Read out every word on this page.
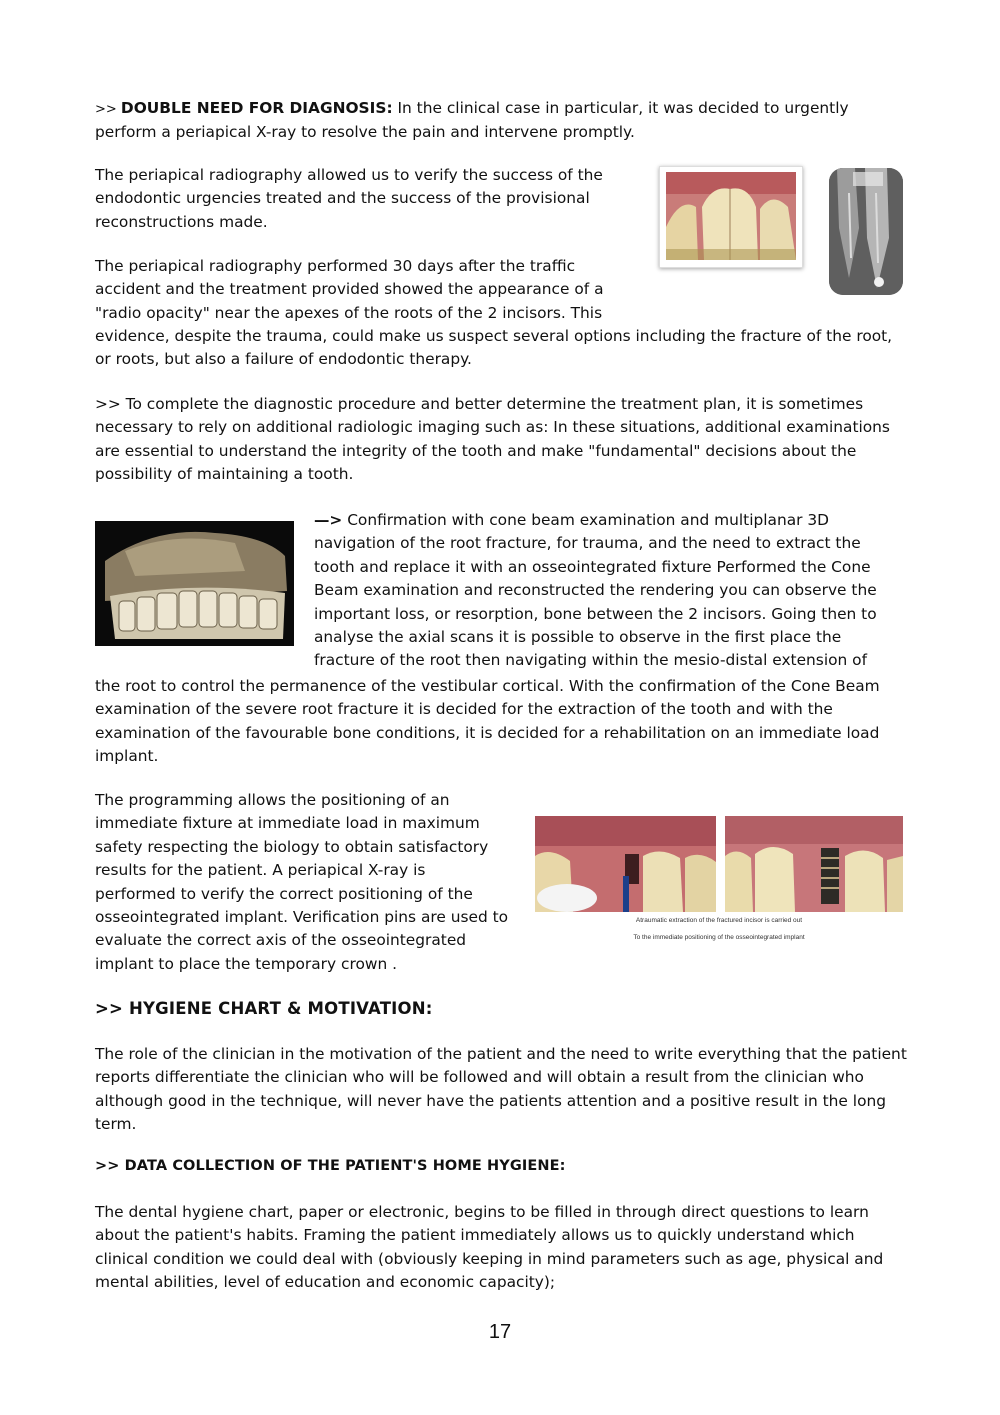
>> DOUBLE NEED FOR DIAGNOSIS: In the clinical case in particular, it was decided to urgently perform a periapical X-ray to resolve the pain and intervene promptly.

The periapical radiography allowed us to verify the success of the endodontic urgencies treated and the success of the provisional reconstructions made.

The periapical radiography performed 30 days after the traffic accident and the treatment provided showed the appearance of a "radio opacity" near the apexes of the roots of the 2 incisors. This

evidence, despite the trauma, could make us suspect several options including the fracture of the root, or roots, but also a failure of endodontic therapy.

>> To complete the diagnostic procedure and better determine the treatment plan, it is sometimes necessary to rely on additional radiologic imaging such as: In these situations, additional examinations are essential to understand the integrity of the tooth and make "fundamental" decisions about the possibility of maintaining a tooth.

—> Confirmation with cone beam examination and multiplanar 3D navigation of the root fracture, for trauma, and the need to extract the tooth and replace it with an osseointegrated fixture Performed the Cone Beam examination and reconstructed the rendering you can observe the important loss, or resorption, bone between the 2 incisors. Going then to analyse the axial scans it is possible to observe in the first place the fracture of the root then navigating within the mesio-distal extension of

the root to control the permanence of the vestibular cortical. With the confirmation of the Cone Beam examination of the severe root fracture it is decided for the extraction of the tooth and with the examination of the favourable bone conditions, it is decided for a rehabilitation on an immediate load implant.

The programming allows the positioning of an immediate fixture at immediate load in maximum safety respecting the biology to obtain satisfactory results for the patient. A periapical X-ray is performed to verify the correct positioning of the osseointegrated implant. Verification pins are used to evaluate the correct axis of the osseointegrated implant to place the temporary crown .

Atraumatic extraction of the fractured incisor is carried out
To the immediate positioning of the osseointegrated implant
>> HYGIENE CHART & MOTIVATION:

The role of the clinician in the motivation of the patient and the need to write everything that the patient reports differentiate the clinician who will be followed and will obtain a result from the clinician who although good in the technique, will never have the patients attention and a positive result in the long term.

>> DATA COLLECTION OF THE PATIENT'S HOME HYGIENE:

The dental hygiene chart, paper or electronic, begins to be filled in through direct questions to learn about the patient's habits. Framing the patient immediately allows us to quickly understand which clinical condition we could deal with (obviously keeping in mind parameters such as age, physical and mental abilities, level of education and economic capacity);

17
